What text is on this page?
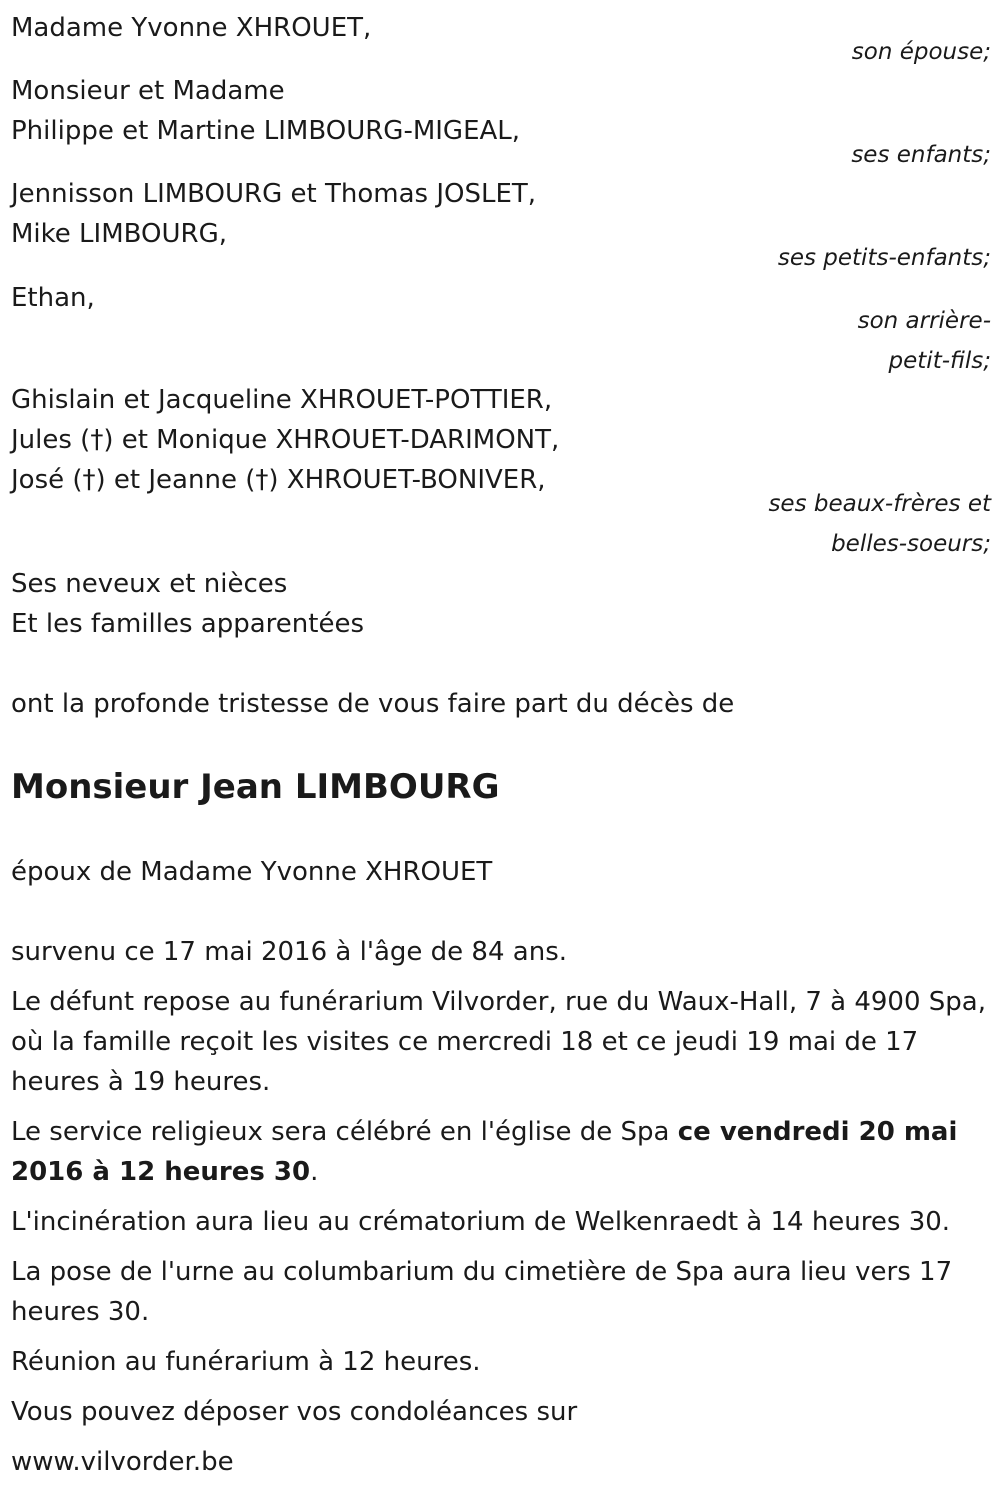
Madame Yvonne XHROUET,
son épouse;
Monsieur et Madame
Philippe et Martine LIMBOURG-MIGEAL,
ses enfants;
Jennisson LIMBOURG et Thomas JOSLET,
Mike LIMBOURG,
ses petits-enfants;
Ethan,
son arrière-
petit-fils;
Ghislain et Jacqueline XHROUET-POTTIER,
Jules (†) et Monique XHROUET-DARIMONT,
José (†) et Jeanne (†) XHROUET-BONIVER,
ses beaux-frères et
belles-soeurs;
Ses neveux et nièces
Et les familles apparentées
ont la profonde tristesse de vous faire part du décès de
Monsieur Jean LIMBOURG
époux de Madame Yvonne XHROUET

survenu ce 17 mai 2016 à l'âge de 84 ans.

Le défunt repose au funérarium Vilvorder, rue du Waux-Hall, 7 à 4900 Spa, où la famille reçoit les visites ce mercredi 18 et ce jeudi 19 mai de 17 heures à 19 heures.

Le service religieux sera célébré en l'église de Spa ce vendredi 20 mai 2016 à 12 heures 30.

L'incinération aura lieu au crématorium de Welkenraedt à 14 heures 30.

La pose de l'urne au columbarium du cimetière de Spa aura lieu vers 17 heures 30.

Réunion au funérarium à 12 heures.

Vous pouvez déposer vos condoléances sur

www.vilvorder.be
